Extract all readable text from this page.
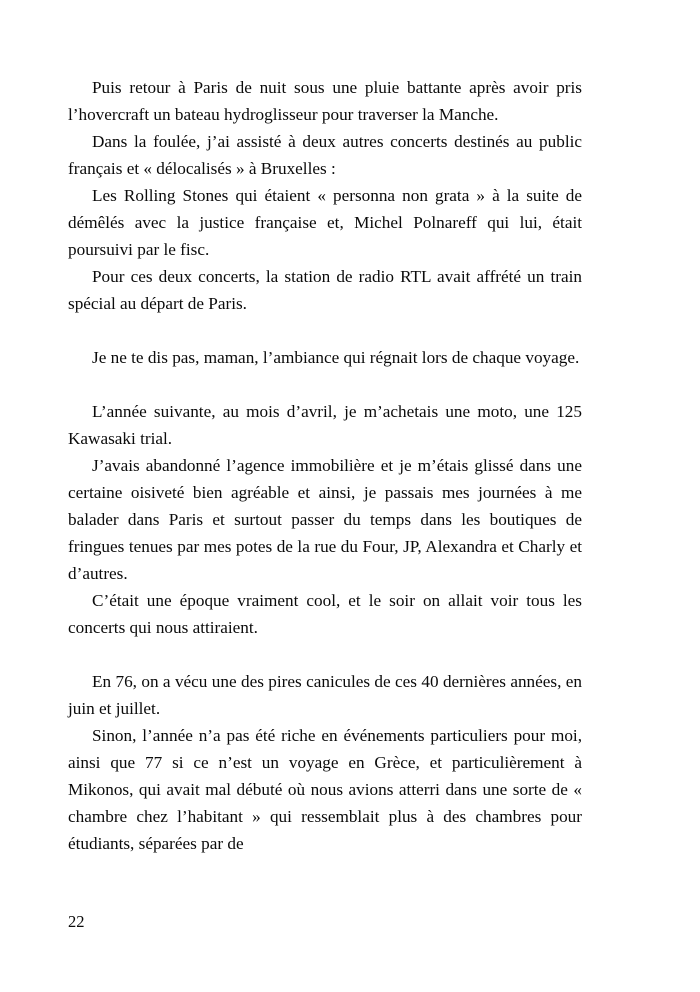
Puis retour à Paris de nuit sous une pluie battante après avoir pris l’hovercraft un bateau hydroglisseur pour traverser la Manche.

Dans la foulée, j’ai assisté à deux autres concerts destinés au public français et « délocalisés » à Bruxelles :

Les Rolling Stones qui étaient « personna non grata » à la suite de démêlés avec la justice française et, Michel Polnareff qui lui, était poursuivi par le fisc.

Pour ces deux concerts, la station de radio RTL avait affrété un train spécial au départ de Paris.

Je ne te dis pas, maman, l’ambiance qui régnait lors de chaque voyage.

L’année suivante, au mois d’avril, je m’achetais une moto, une 125 Kawasaki trial.

J’avais abandonné l’agence immobilière et je m’étais glissé dans une certaine oisiveté bien agréable et ainsi, je passais mes journées à me balader dans Paris et surtout passer du temps dans les boutiques de fringues tenues par mes potes de la rue du Four, JP, Alexandra et Charly et d’autres.

C’était une époque vraiment cool, et le soir on allait voir tous les concerts qui nous attiraient.

En 76, on a vécu une des pires canicules de ces 40 dernières années, en juin et juillet.

Sinon, l’année n’a pas été riche en événements particuliers pour moi, ainsi que 77 si ce n’est un voyage en Grèce, et particulièrement à Mikonos, qui avait mal débuté où nous avions atterri dans une sorte de « chambre chez l’habitant » qui ressemblait plus à des chambres pour étudiants, séparées par de

22
